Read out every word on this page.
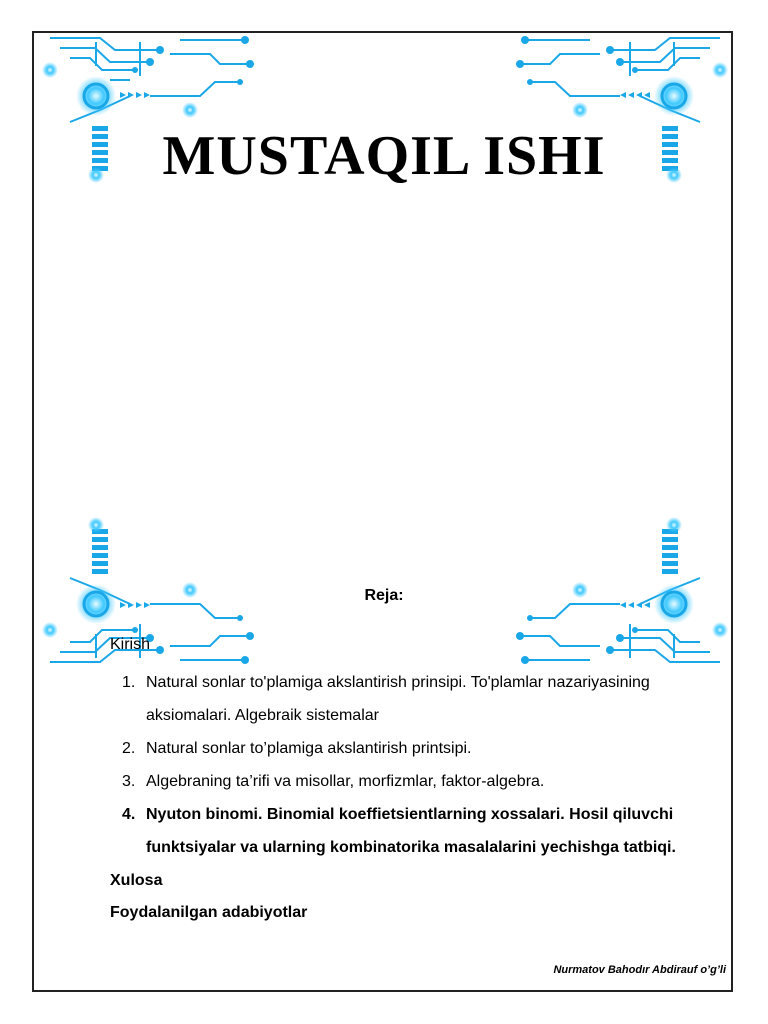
MUSTAQIL ISHI
Reja:
Kirish
1. Natural sonlar to'plamiga akslantirish prinsipi. To'plamlar nazariyasining aksiomalari. Algebraik sistemalar
2. Natural sonlar to’plamiga akslantirish printsipi.
3. Algebraning ta’rifi va misollar, morfizmlar, faktor-algebra.
4. Nyuton binomi. Binomial koeffietsientlarning xossalari. Hosil qiluvchi funktsiyalar va ularning kombinatorika masalalarini yechishga tatbiqi.
Xulosa
Foydalanilgan adabiyotlar
Nurmatov Bahodır Abdirauf o’g’li
